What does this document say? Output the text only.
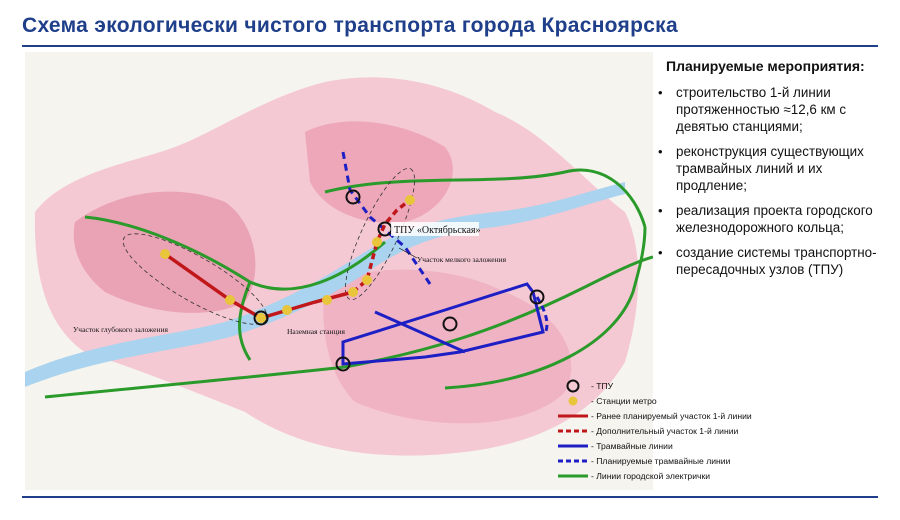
Схема экологически чистого транспорта города Красноярска
ТПУ «Октябрьская»
Участок мелкого заложения
Участок глубокого заложения	Наземная станция
Планируемые мероприятия:
•	строительство 1-й линии протяженностью ≈12,6 км с девятью станциями;
•	реконструкция существующих трамвайных линий и их продление;
•	реализация проекта городского железнодорожного кольца;
•	создание системы транспортно-пересадочных узлов (ТПУ)
- ТПУ
- Станции метро
- Ранее планируемый участок 1-й линии
- Дополнительный участок 1-й линии
- Трамвайные линии
- Планируемые трамвайные линии
- Линии городской электрички
